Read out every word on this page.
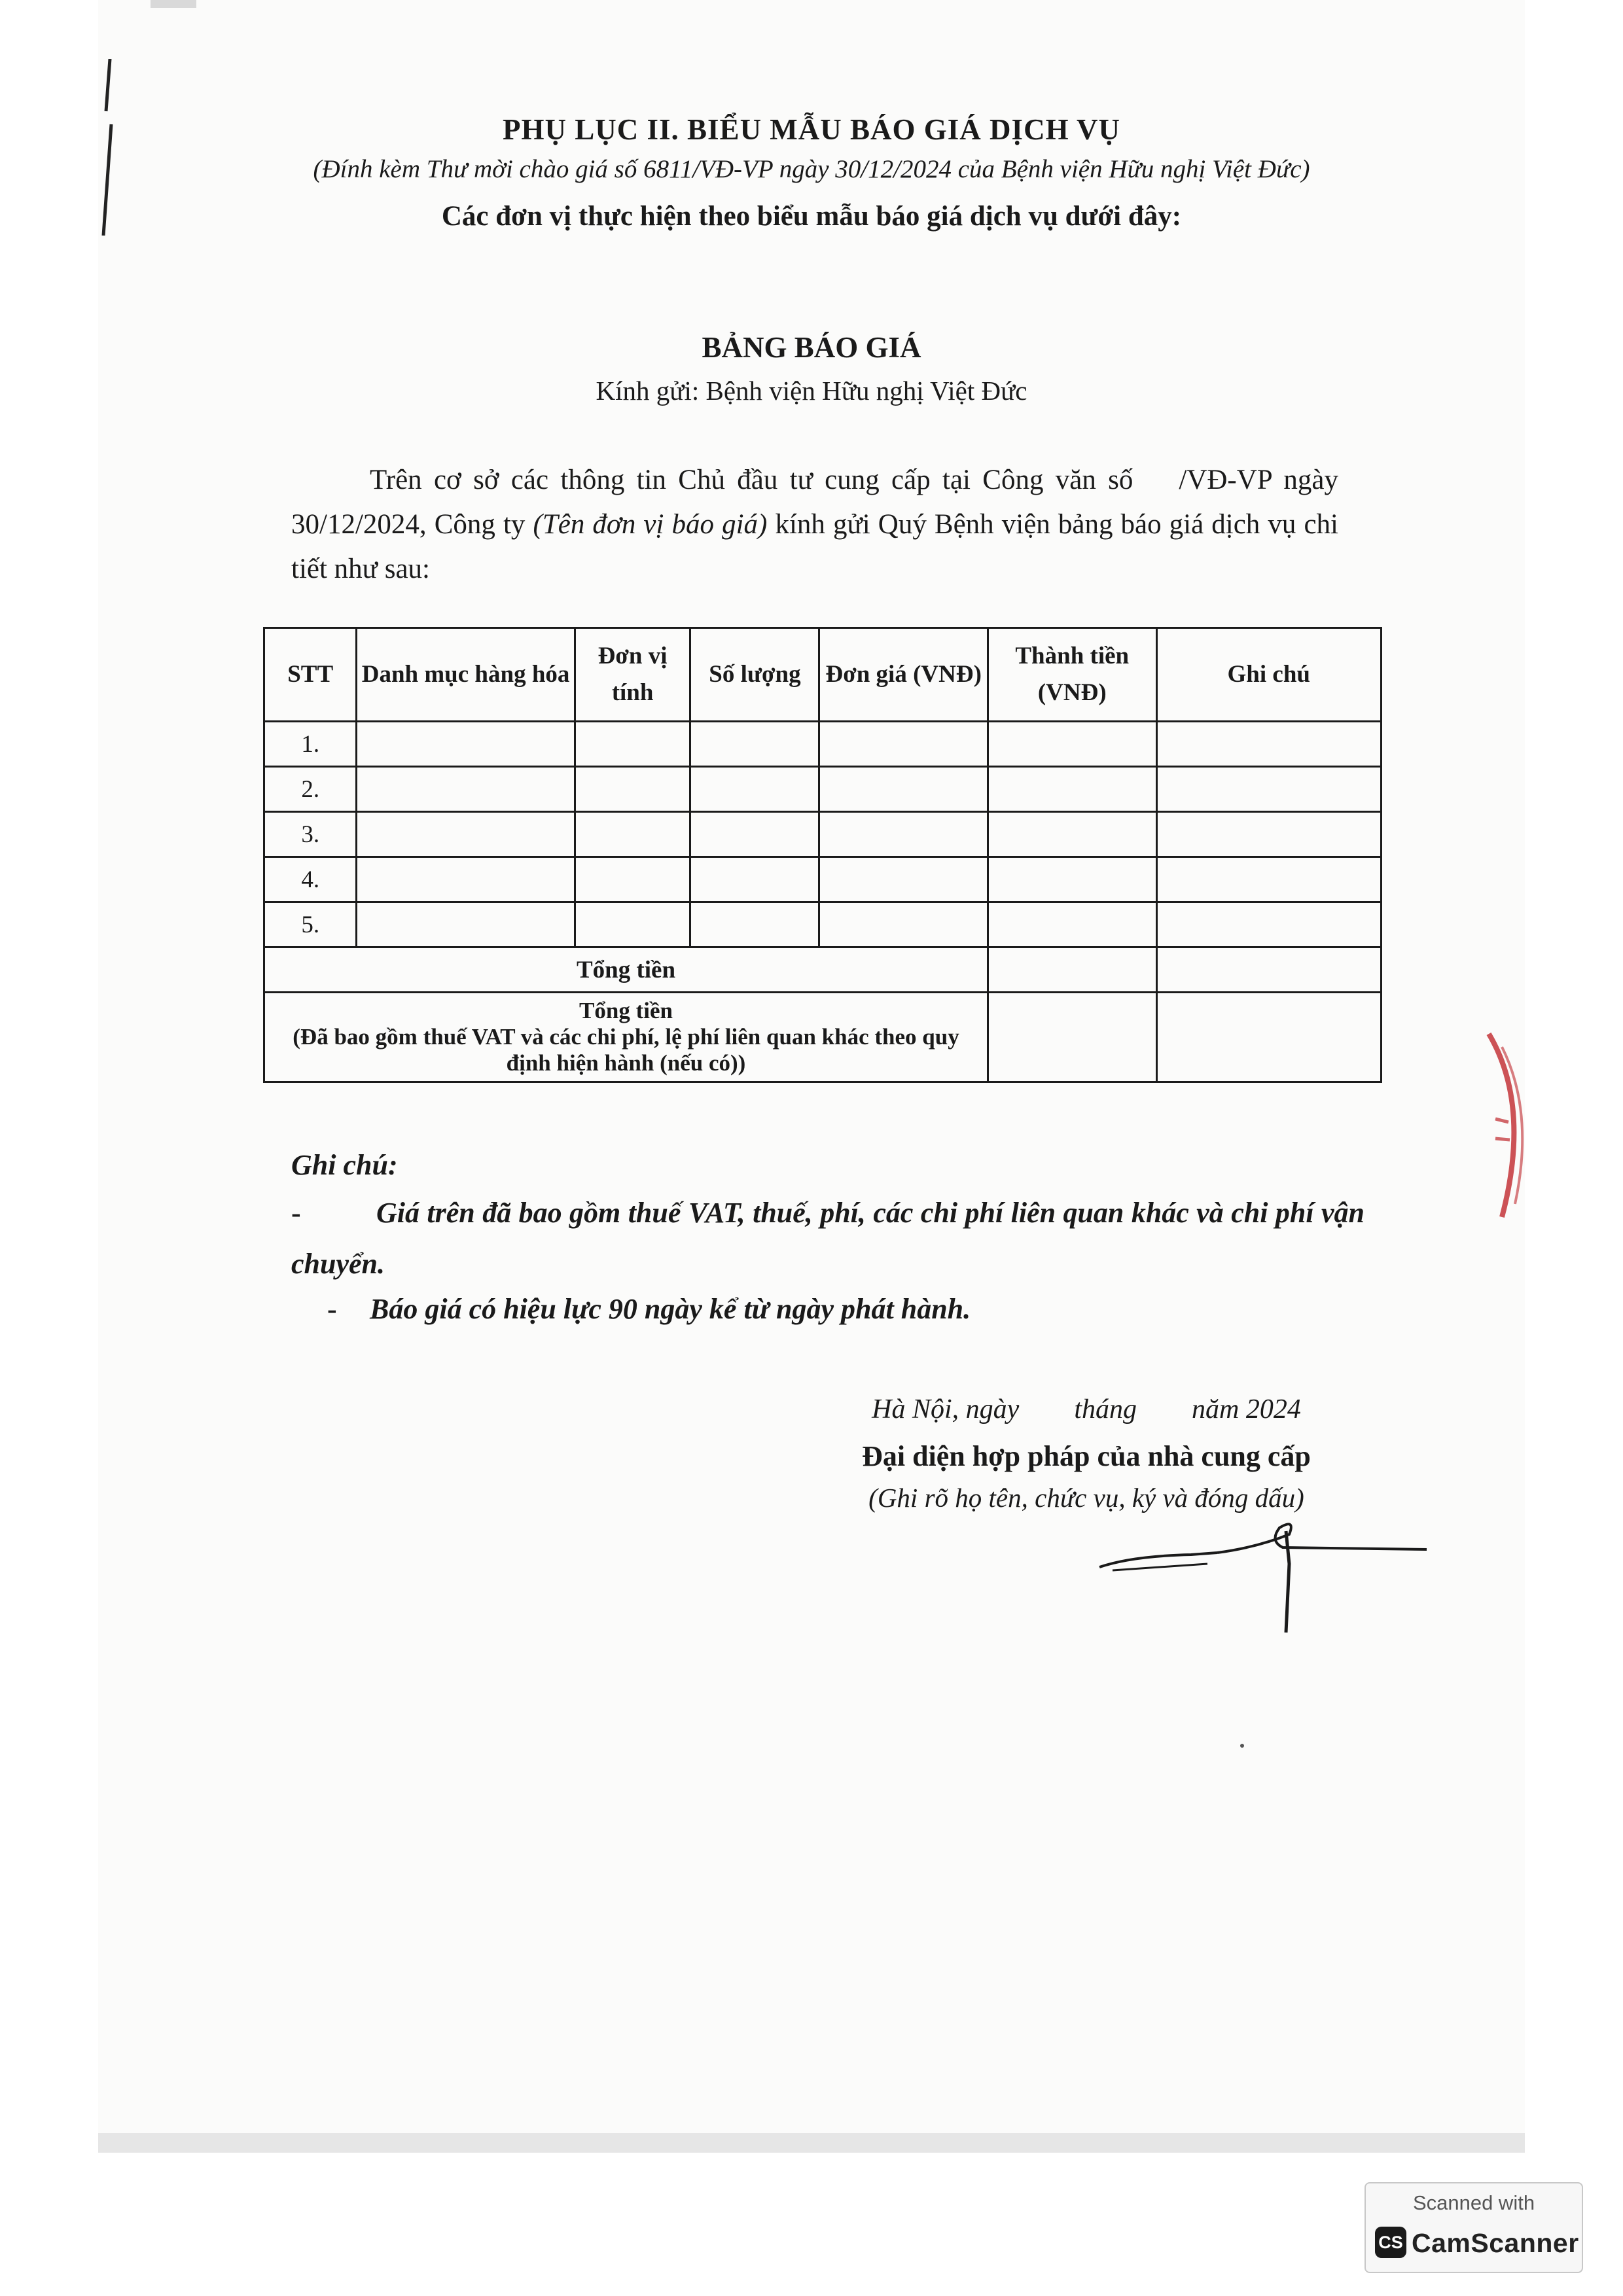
PHỤ LỤC II. BIỂU MẪU BÁO GIÁ DỊCH VỤ
(Đính kèm Thư mời chào giá số 6811/VĐ-VP ngày 30/12/2024 của Bệnh viện Hữu nghị Việt Đức)
Các đơn vị thực hiện theo biểu mẫu báo giá dịch vụ dưới đây:
BẢNG BÁO GIÁ
Kính gửi: Bệnh viện Hữu nghị Việt Đức
Trên cơ sở các thông tin Chủ đầu tư cung cấp tại Công văn số /VĐ-VP ngày 30/12/2024, Công ty (Tên đơn vị báo giá) kính gửi Quý Bệnh viện bảng báo giá dịch vụ chi tiết như sau:
STT	Danh mục hàng hóa	Đơn vị tính	Số lượng	Đơn giá (VNĐ)	Thành tiền (VNĐ)	Ghi chú
1.						
2.						
3.						
4.						
5.						
Tổng tiền						

Tổng tiền
(Đã bao gồm thuế VAT và các chi phí, lệ phí liên quan khác theo quy định hiện hành (nếu có))						

Ghi chú:
-	Giá trên đã bao gồm thuế VAT, thuế, phí, các chi phí liên quan khác và chi phí vận chuyển.
- Báo giá có hiệu lực 90 ngày kể từ ngày phát hành.
Hà Nội, ngày        tháng        năm 2024
Đại diện hợp pháp của nhà cung cấp
(Ghi rõ họ tên, chức vụ, ký và đóng dấu)
Scanned with
CS CamScanner
